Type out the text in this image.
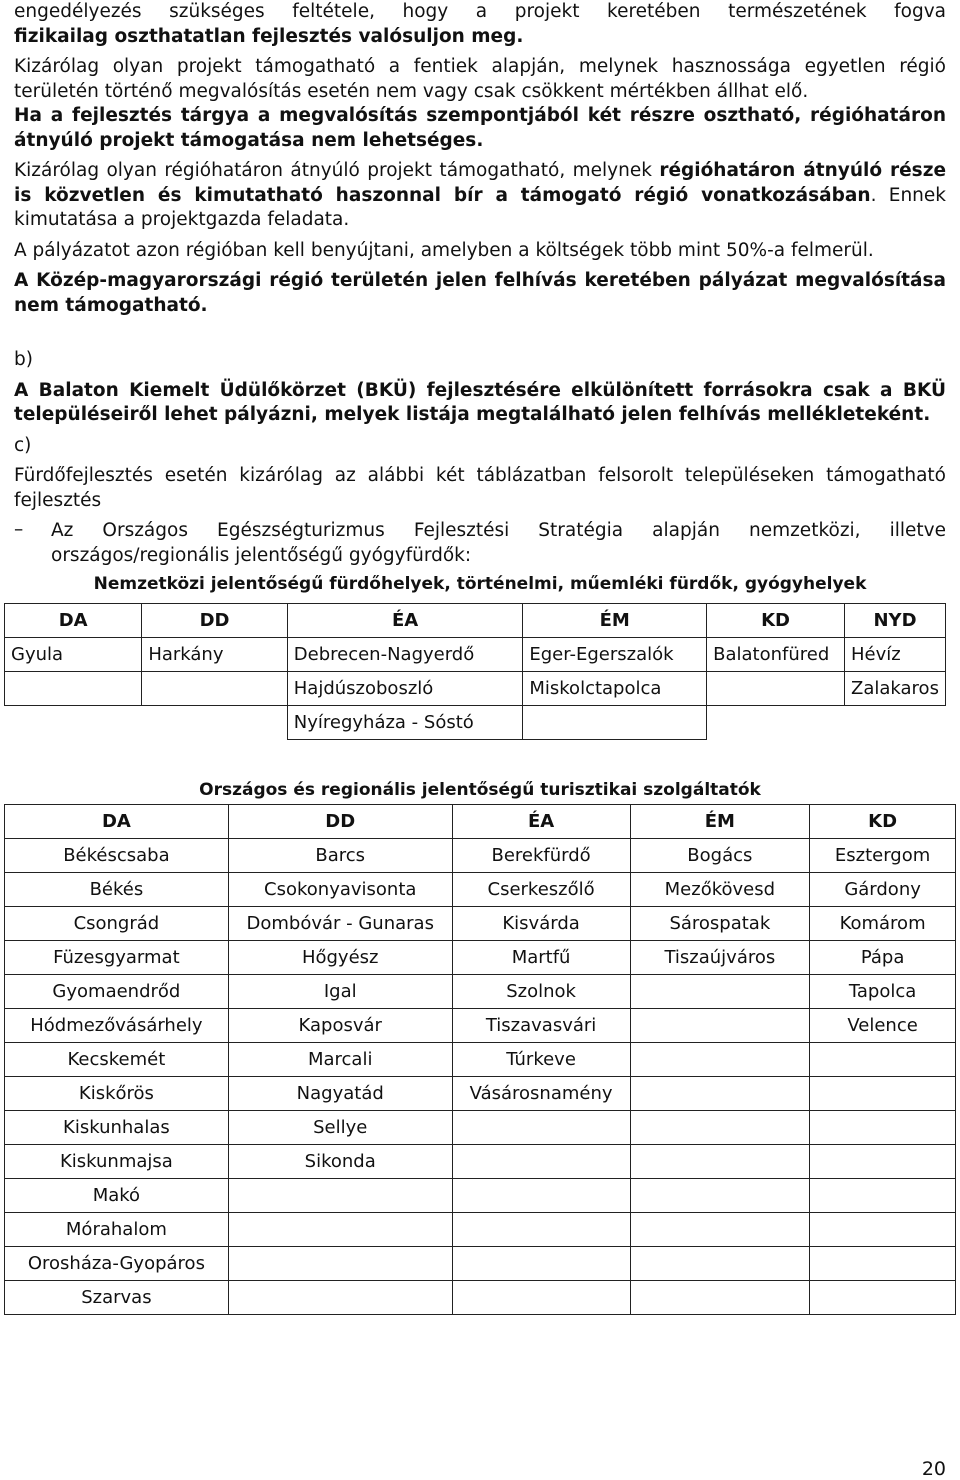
engedélyezés szükséges feltétele, hogy a projekt keretében természetének fogva

fizikailag oszthatatlan fejlesztés valósuljon meg.

Kizárólag olyan projekt támogatható a fentiek alapján, melynek hasznossága egyetlen régió területén történő megvalósítás esetén nem vagy csak csökkent mértékben állhat elő.

Ha a fejlesztés tárgya a megvalósítás szempontjából két részre osztható, régióhatáron átnyúló projekt támogatása nem lehetséges.

Kizárólag olyan régióhatáron átnyúló projekt támogatható, melynek régióhatáron átnyúló része is közvetlen és kimutatható haszonnal bír a támogató régió vonatkozásában. Ennek kimutatása a projektgazda feladata.

A pályázatot azon régióban kell benyújtani, amelyben a költségek több mint 50%-a felmerül.

A Közép-magyarországi régió területén jelen felhívás keretében pályázat megvalósítása nem támogatható.

b)

A Balaton Kiemelt Üdülőkörzet (BKÜ) fejlesztésére elkülönített forrásokra csak a BKÜ településeiről lehet pályázni, melyek listája megtalálható jelen felhívás mellékleteként.

c)

Fürdőfejlesztés esetén kizárólag az alábbi két táblázatban felsorolt településeken támogatható fejlesztés

–	Az Országos Egészségturizmus Fejlesztési Stratégia alapján nemzetközi, illetve országos/regionális jelentőségű gyógyfürdők:
Nemzetközi jelentőségű fürdőhelyek, történelmi, műemléki fürdők, gyógyhelyek
DA	DD	ÉA	ÉM	KD	NYD
Gyula	Harkány	Debrecen-Nagyerdő	Eger-Egerszalók	Balatonfüred	Hévíz
		Hajdúszoboszló	Miskolctapolca		Zalakaros
		Nyíregyháza - Sóstó			
Országos és regionális jelentőségű turisztikai szolgáltatók
DA	DD	ÉA	ÉM	KD
Békéscsaba	Barcs	Berekfürdő	Bogács	Esztergom
Békés	Csokonyavisonta	Cserkeszőlő	Mezőkövesd	Gárdony
Csongrád	Dombóvár - Gunaras	Kisvárda	Sárospatak	Komárom
Füzesgyarmat	Hőgyész	Martfű	Tiszaújváros	Pápa
Gyomaendrőd	Igal	Szolnok		Tapolca
Hódmezővásárhely	Kaposvár	Tiszavasvári		Velence
Kecskemét	Marcali	Túrkeve		
Kiskőrös	Nagyatád	Vásárosnamény		
Kiskunhalas	Sellye			
Kiskunmajsa	Sikonda			
Makó				
Mórahalom				
Orosháza-Gyopáros				
Szarvas				
20
